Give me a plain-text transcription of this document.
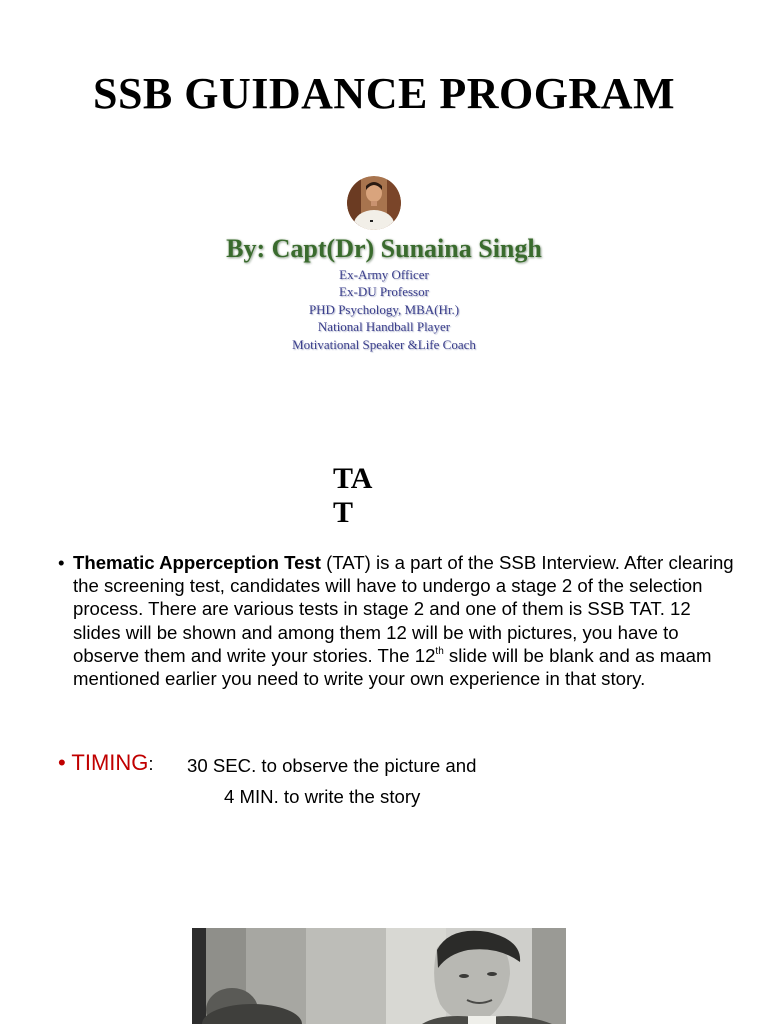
SSB GUIDANCE PROGRAM
By: Capt(Dr) Sunaina Singh
Ex-Army Officer
Ex-DU Professor
PHD Psychology, MBA(Hr.)
National Handball Player
Motivational Speaker &Life Coach
TA
T
• Thematic Apperception Test (TAT) is a part of the SSB Interview. After clearing the screening test, candidates will have to undergo a stage 2 of the selection process. There are various tests in stage 2 and one of them is SSB TAT. 12 slides will be shown and among them 12 will be with pictures, you have to observe them and write your stories. The 12th slide will be blank and as maam mentioned earlier you need to write your own experience in that story.
• TIMING: 30 SEC. to observe the picture and
4 MIN. to write the story
